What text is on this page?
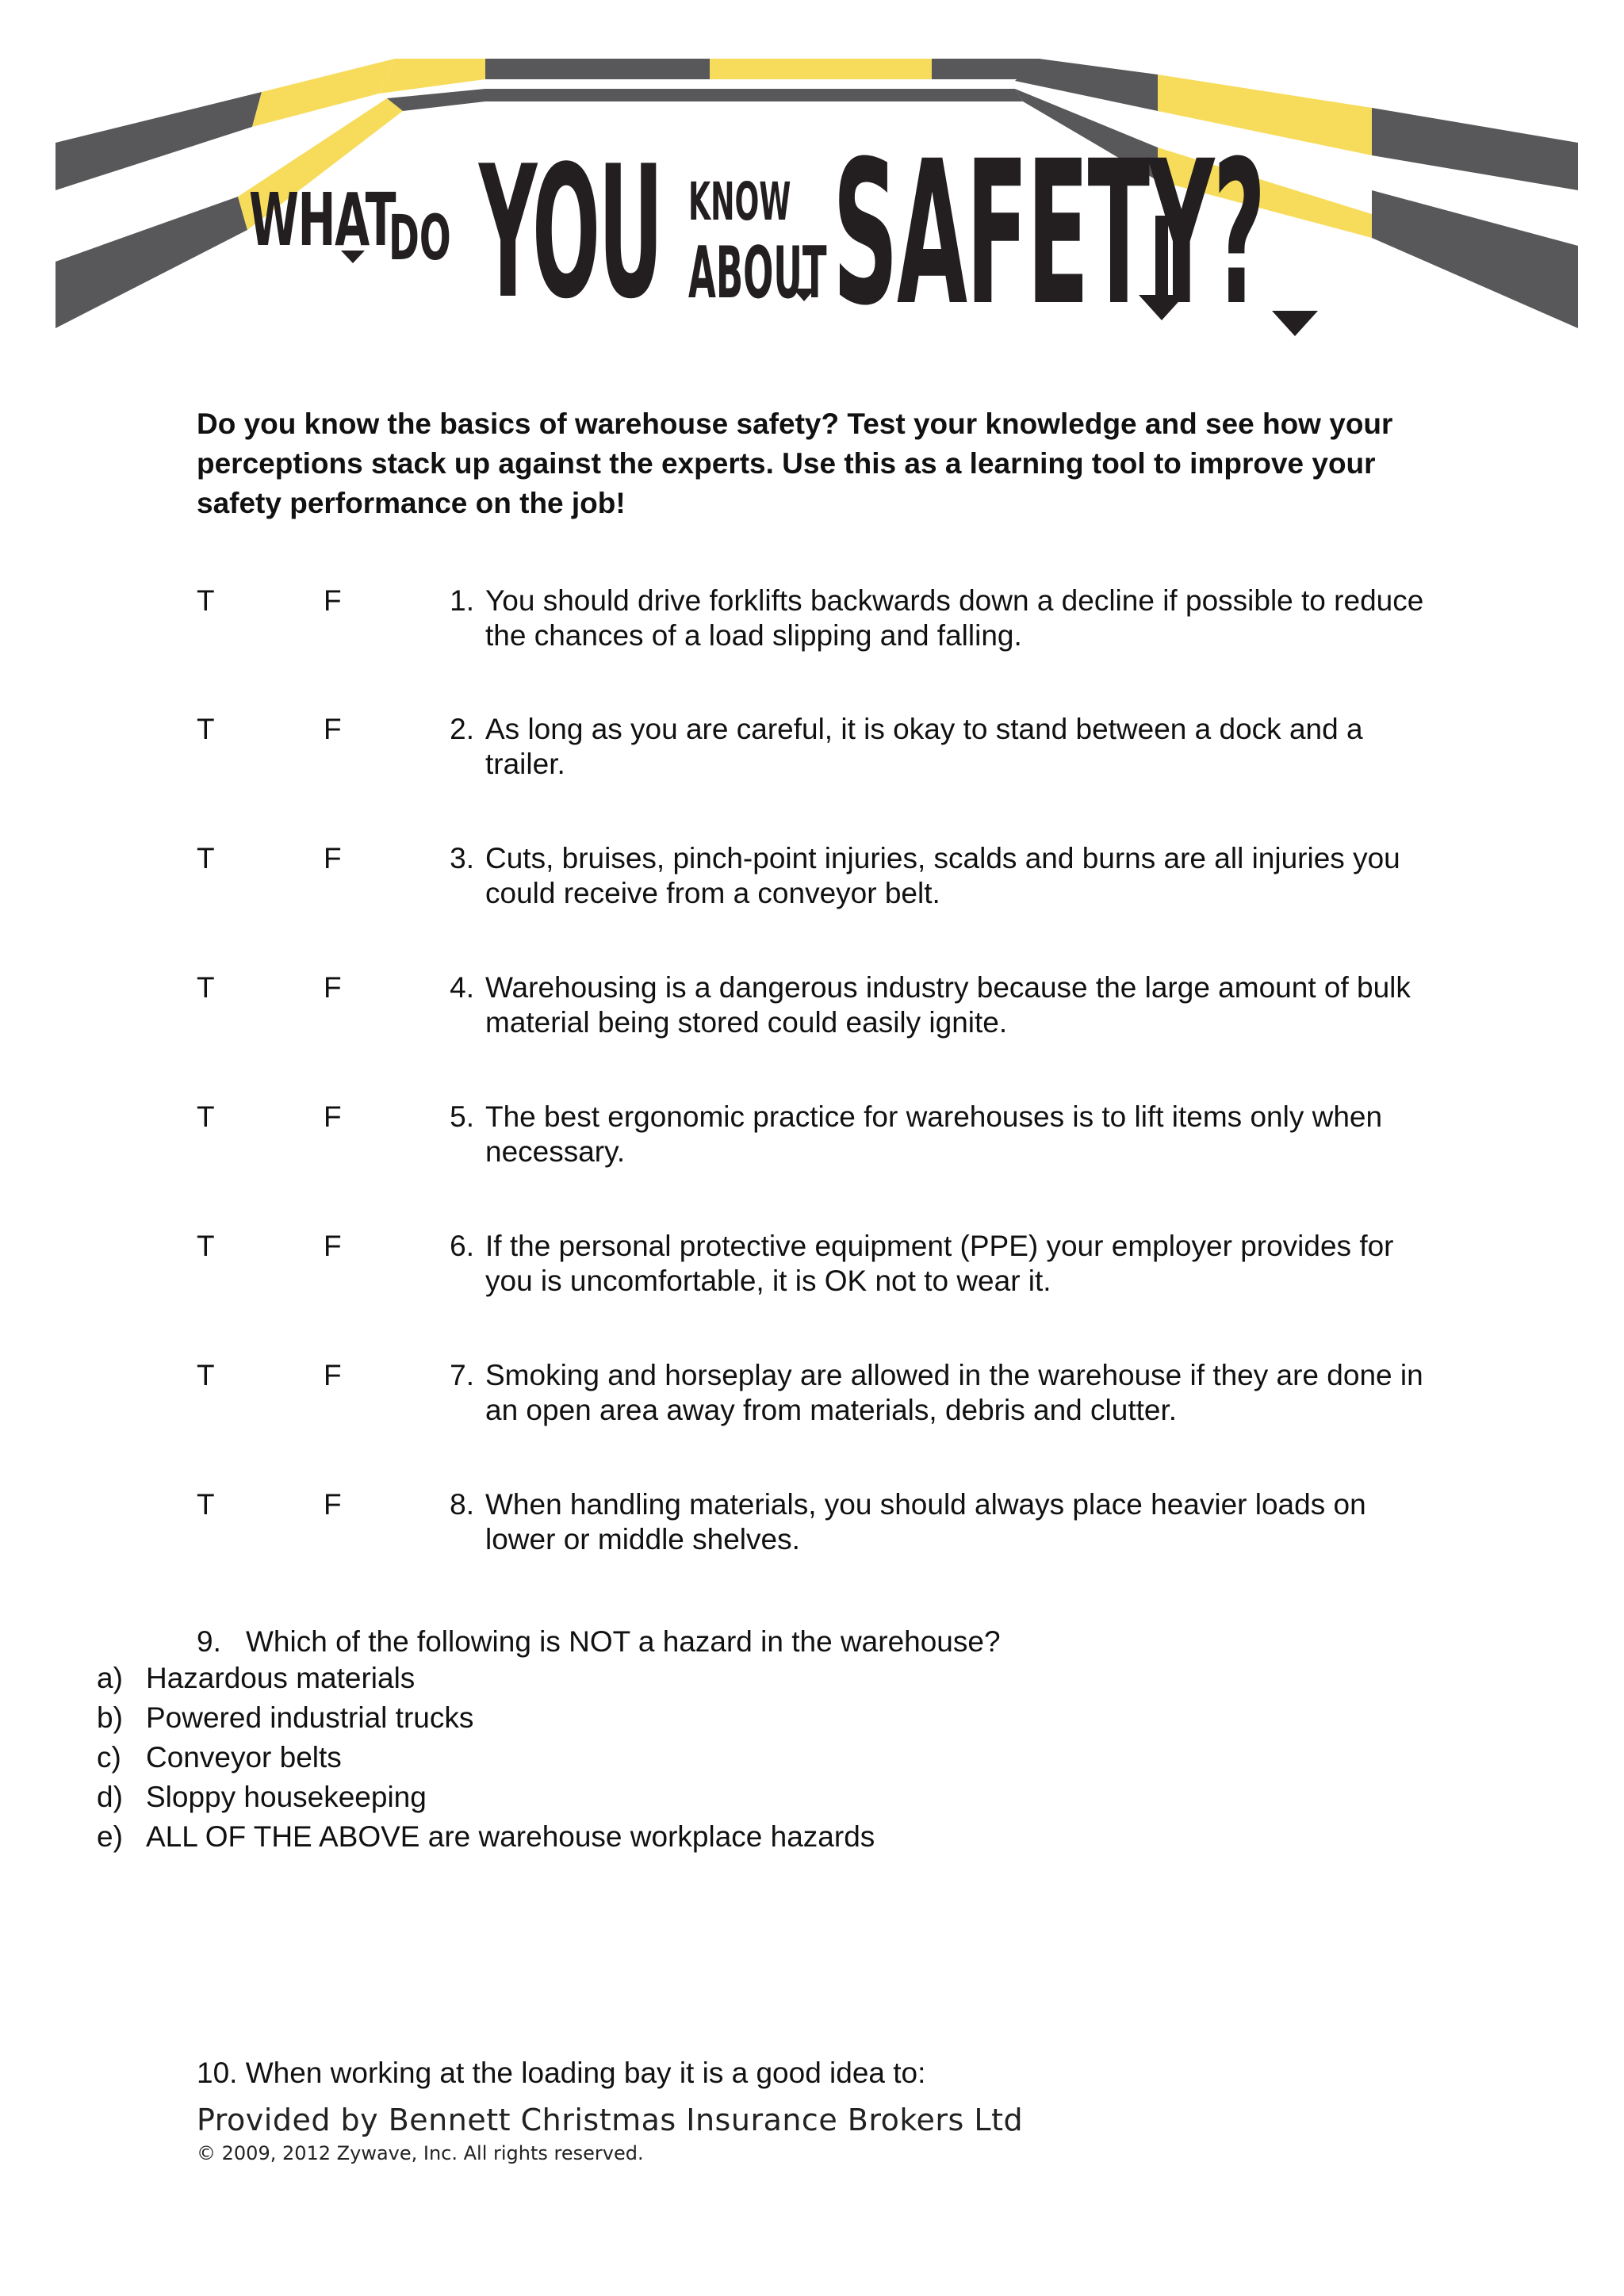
WHAT
DO YOU KNOW
ABOUT SAFETY?

Do you know the basics of warehouse safety? Test your knowledge and see how your perceptions stack up against the experts. Use this as a learning tool to improve your safety performance on the job!

T	F	1. You should drive forklifts backwards down a decline if possible to reduce the chances of a load slipping and falling.
T	F	2. As long as you are careful, it is okay to stand between a dock and a trailer.
T	F	3. Cuts, bruises, pinch-point injuries, scalds and burns are all injuries you could receive from a conveyor belt.
T	F	4. Warehousing is a dangerous industry because the large amount of bulk material being stored could easily ignite.
T	F	5. The best ergonomic practice for warehouses is to lift items only when necessary.
T	F	6. If the personal protective equipment (PPE) your employer provides for you is uncomfortable, it is OK not to wear it.
T	F	7. Smoking and horseplay are allowed in the warehouse if they are done in an open area away from materials, debris and clutter.
T	F	8. When handling materials, you should always place heavier loads on lower or middle shelves.
9. Which of the following is NOT a hazard in the warehouse?
a) Hazardous materials
b) Powered industrial trucks
c) Conveyor belts
d) Sloppy housekeeping
e) ALL OF THE ABOVE are warehouse workplace hazards
10. When working at the loading bay it is a good idea to:
Provided by Bennett Christmas Insurance Brokers Ltd
© 2009, 2012 Zywave, Inc. All rights reserved.
